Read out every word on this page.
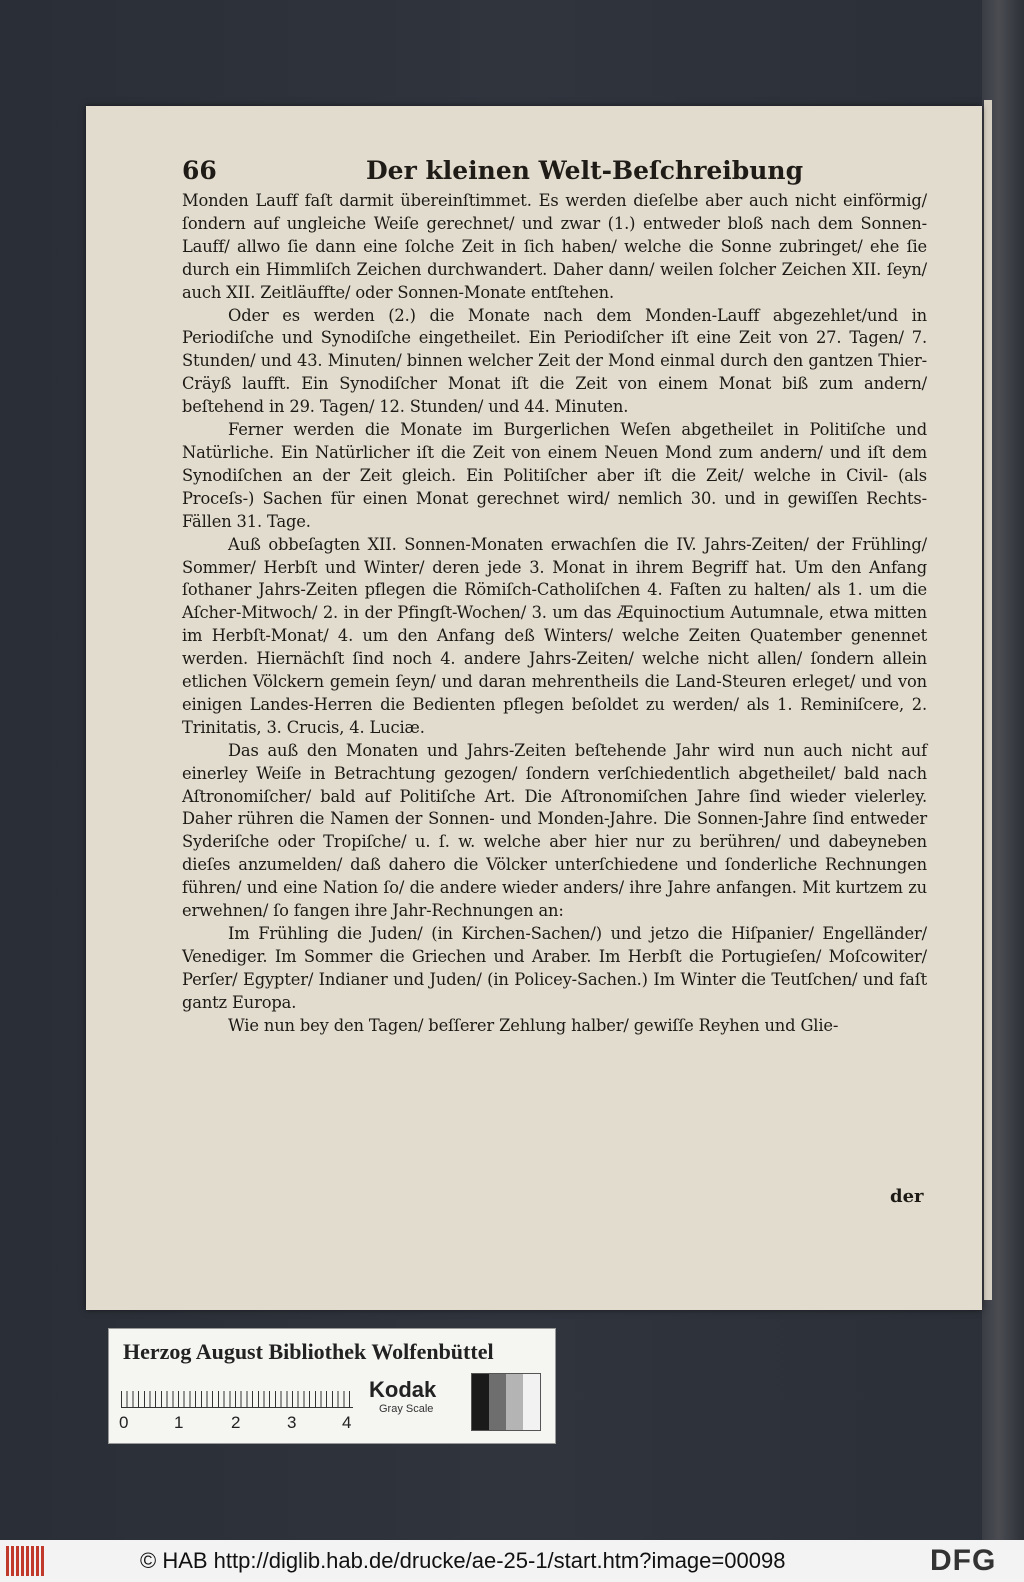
66	Der kleinen Welt-Beſchreibung

Monden Lauff faſt darmit übereinſtimmet. Es werden dieſelbe aber auch nicht einförmig/ſondern auf ungleiche Weiſe gerechnet/ und zwar (1.) entweder bloß nach dem Sonnen-Lauff/ allwo ſie dann eine ſolche Zeit in ſich haben/ welche die Sonne zubringet/ ehe ſie durch ein Himmliſch Zeichen durchwandert. Daher dann/ weilen ſolcher Zeichen XII. ſeyn/ auch XII. Zeitläuffte/ oder Sonnen-Monate entſtehen.

Oder es werden (2.) die Monate nach dem Monden-Lauff abgezehlet/und in Periodiſche und Synodiſche eingetheilet. Ein Periodiſcher iſt eine Zeit von 27. Tagen/ 7. Stunden/ und 43. Minuten/ binnen welcher Zeit der Mond einmal durch den gantzen Thier-Cräyß laufft. Ein Synodiſcher Monat iſt die Zeit von einem Monat biß zum andern/ beſtehend in 29. Tagen/ 12. Stunden/ und 44. Minuten.

Ferner werden die Monate im Burgerlichen Weſen abgetheilet in Politiſche und Natürliche. Ein Natürlicher iſt die Zeit von einem Neuen Mond zum andern/ und iſt dem Synodiſchen an der Zeit gleich. Ein Politiſcher aber iſt die Zeit/ welche in Civil- (als Proceſs-) Sachen für einen Monat gerechnet wird/ nemlich 30. und in gewiſſen Rechts-Fällen 31. Tage.

Auß obbeſagten XII. Sonnen-Monaten erwachſen die IV. Jahrs-Zeiten/ der Frühling/ Sommer/ Herbſt und Winter/ deren jede 3. Monat in ihrem Begriff hat. Um den Anfang ſothaner Jahrs-Zeiten pflegen die Römiſch-Catholiſchen 4. Faſten zu halten/ als 1. um die Aſcher-Mitwoch/ 2. in der Pfingſt-Wochen/ 3. um das Æquinoctium Autumnale, etwa mitten im Herbſt-Monat/ 4. um den Anfang deß Winters/ welche Zeiten Quatember genennet werden. Hiernächſt ſind noch 4. andere Jahrs-Zeiten/ welche nicht allen/ ſondern allein etlichen Völckern gemein ſeyn/ und daran mehrentheils die Land-Steuren erleget/ und von einigen Landes-Herren die Bedienten pflegen beſoldet zu werden/ als 1. Reminiſcere, 2. Trinitatis, 3. Crucis, 4. Luciæ.

Das auß den Monaten und Jahrs-Zeiten beſtehende Jahr wird nun auch nicht auf einerley Weiſe in Betrachtung gezogen/ ſondern verſchiedentlich abgetheilet/ bald nach Aſtronomiſcher/ bald auf Politiſche Art. Die Aſtronomiſchen Jahre ſind wieder vielerley. Daher rühren die Namen der Sonnen- und Monden-Jahre. Die Sonnen-Jahre ſind entweder Syderiſche oder Tropiſche/ u. ſ. w. welche aber hier nur zu berühren/ und dabeyneben dieſes anzumelden/ daß dahero die Völcker unterſchiedene und ſonderliche Rechnungen führen/ und eine Nation ſo/ die andere wieder anders/ ihre Jahre anfangen. Mit kurtzem zu erwehnen/ ſo fangen ihre Jahr-Rechnungen an:

Im Frühling die Juden/ (in Kirchen-Sachen/) und jetzo die Hiſpanier/ Engelländer/ Venediger. Im Sommer die Griechen und Araber. Im Herbſt die Portugieſen/ Moſcowiter/ Perſer/ Egypter/ Indianer und Juden/ (in Policey-Sachen.) Im Winter die Teutſchen/ und faſt gantz Europa.

Wie nun bey den Tagen/ beſſerer Zehlung halber/ gewiſſe Reyhen und Glie-

der
Herzog August Bibliothek Wolfenbüttel
0	1	2	3	4
Kodak
Gray Scale
© HAB http://diglib.hab.de/drucke/ae-25-1/start.htm?image=00098	DFG
